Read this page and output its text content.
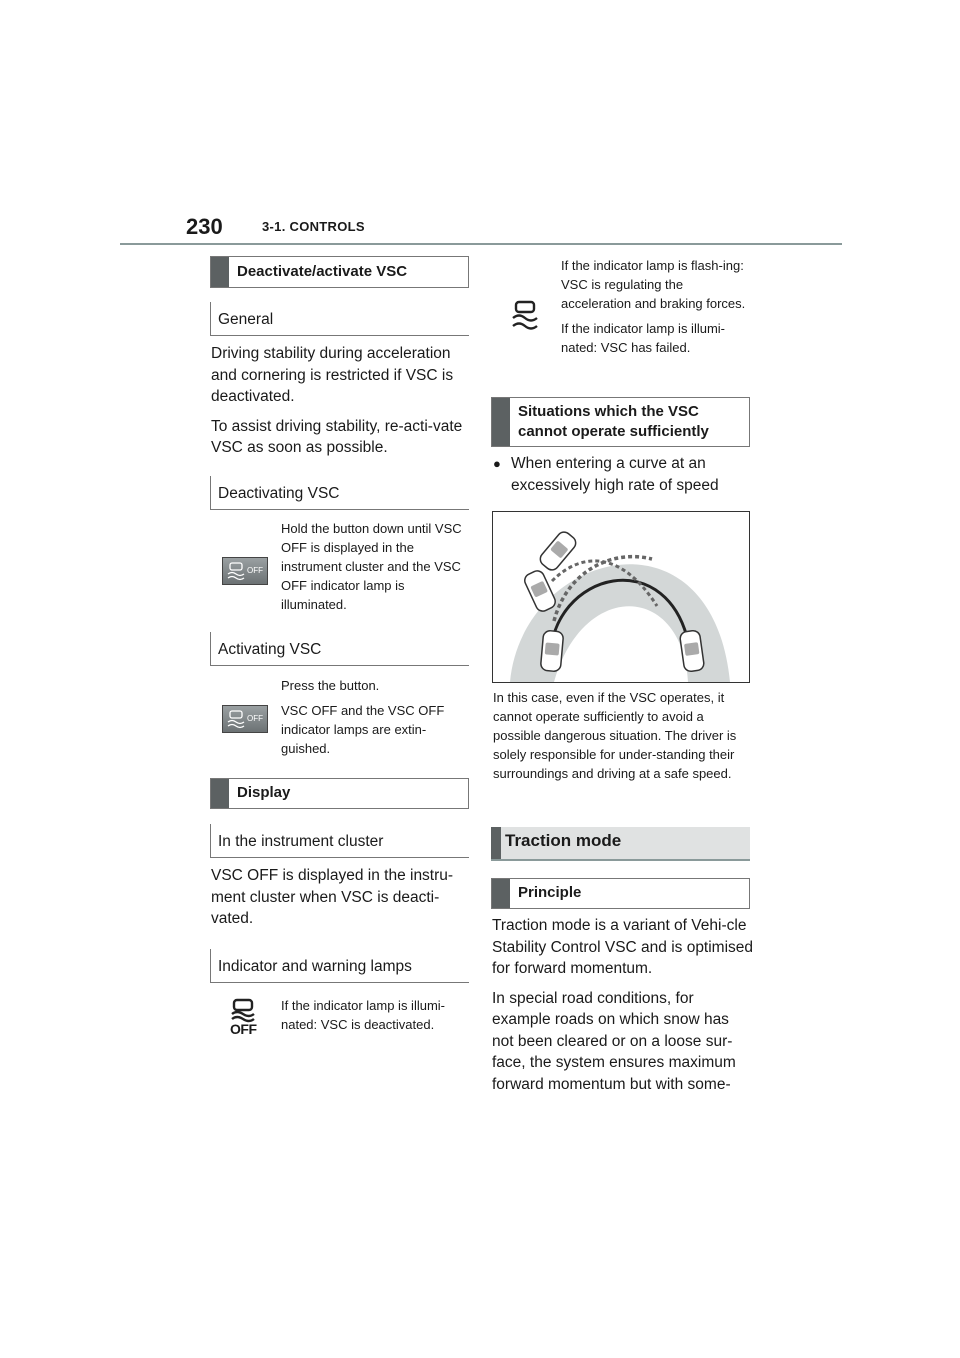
230	3-1. CONTROLS
Deactivate/activate VSC
General

Driving stability during acceleration and cornering is restricted if VSC is deactivated.

To assist driving stability, re-acti-vate VSC as soon as possible.

Deactivating VSC
OFF

Hold the button down until VSC OFF is displayed in the instrument cluster and the VSC OFF indicator lamp is illuminated.

Activating VSC
OFF

Press the button.

VSC OFF and the VSC OFF indicator lamps are extin-guished.

Display
In the instrument cluster

VSC OFF is displayed in the instru-ment cluster when VSC is deacti-vated.

Indicator and warning lamps
OFF

If the indicator lamp is illumi-nated: VSC is deactivated.

If the indicator lamp is flash-ing: VSC is regulating the acceleration and braking forces.

If the indicator lamp is illumi-nated: VSC has failed.

Situations which the VSC cannot operate sufficiently
● When entering a curve at an excessively high rate of speed

In this case, even if the VSC operates, it cannot operate sufficiently to avoid a possible dangerous situation. The driver is solely responsible for under-standing their surroundings and driving at a safe speed.

Traction mode
Principle

Traction mode is a variant of Vehi-cle Stability Control VSC and is optimised for forward momentum.

In special road conditions, for example roads on which snow has not been cleared or on a loose sur-face, the system ensures maximum forward momentum but with some-
